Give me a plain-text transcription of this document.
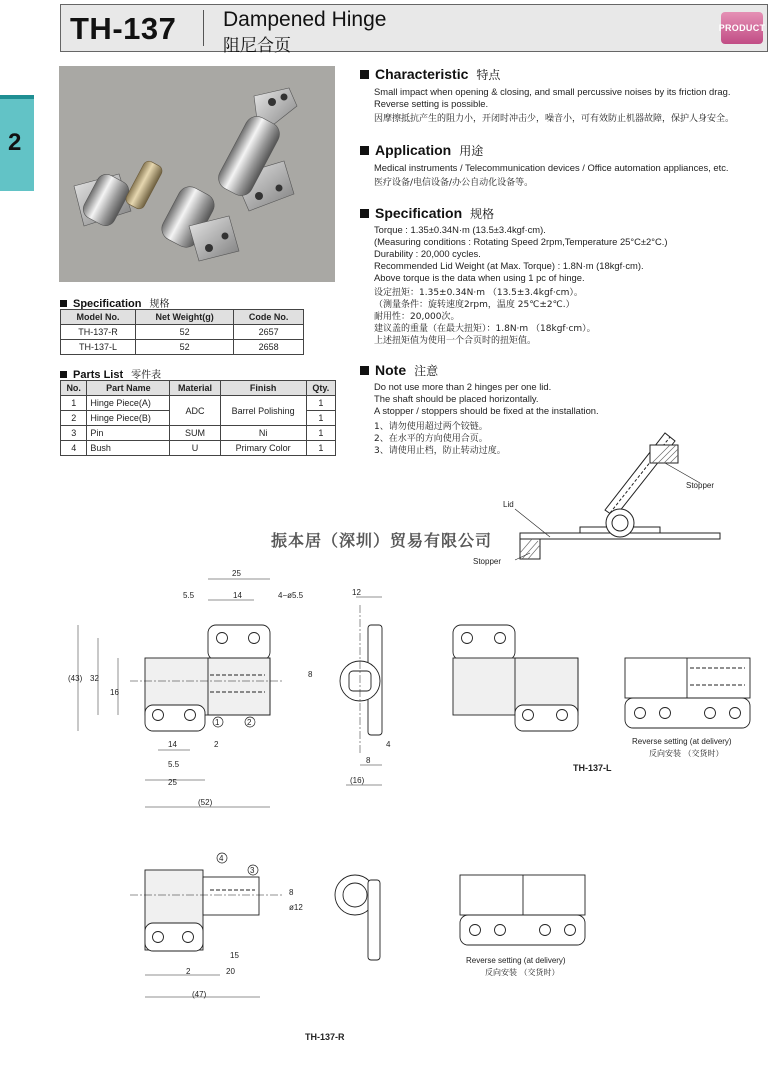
TH-137 Dampened Hinge
阻尼合页
PRODUCT
2
Specification 规格
Model No.	Net Weight(g)	Code No.
TH-137-R	52	2657
TH-137-L	52	2658
Parts List 零件表
No.	Part Name	Material	Finish	Qty.
1	Hinge Piece(A)	ADC	Barrel Polishing	1
2	Hinge Piece(B)			1
3	Pin	SUM	Ni	1
4	Bush	U	Primary Color	1
Characteristic 特点
Small impact when opening & closing, and small percussive noises by its friction drag.
Reverse setting is possible.
因摩擦抵抗产生的阻力小，开闭时冲击少，噪音小，可有效防止机器故障，保护人身安全。
Application 用途
Medical instruments / Telecommunication devices / Office automation appliances, etc.
医疗设备/电信设备/办公自动化设备等。
Specification 规格
Torque : 1.35±0.34N·m (13.5±3.4kgf·cm).
(Measuring conditions : Rotating Speed 2rpm,Temperature 25°C±2°C.)
Durability : 20,000 cycles.
Recommended Lid Weight (at Max. Torque) : 1.8N·m (18kgf·cm).
Above torque is the data when using 1 pc of hinge.
设定扭矩：1.35±0.34N·m （13.5±3.4kgf·cm）。
（测量条件：旋转速度2rpm，温度 25℃±2℃.）
耐用性：20,000次。
建议盖的重量（在最大扭矩）：1.8N·m （18kgf·cm）。
上述扭矩值为使用一个合页时的扭矩值。
Note 注意
Do not use more than 2 hinges per one lid.
The shaft should be placed horizontally.
A stopper / stoppers should be fixed at the installation.
1、请勿使用超过两个铰链。
2、在水平的方向使用合页。
3、请使用止档，防止转动过度。
Stopper
Lid
Stopper
振本居（深圳）贸易有限公司
25
5.5	14	4−ø5.5
(43) 32
16
14	2
5.5
25
(52)
12
8
4
8
(16)
1	2
3
4
8
ø12
15
2	20
(47)
Reverse setting (at delivery)
反向安装 （交货时）
TH-137-L
Reverse setting (at delivery)
反向安装 （交货时）
TH-137-R
